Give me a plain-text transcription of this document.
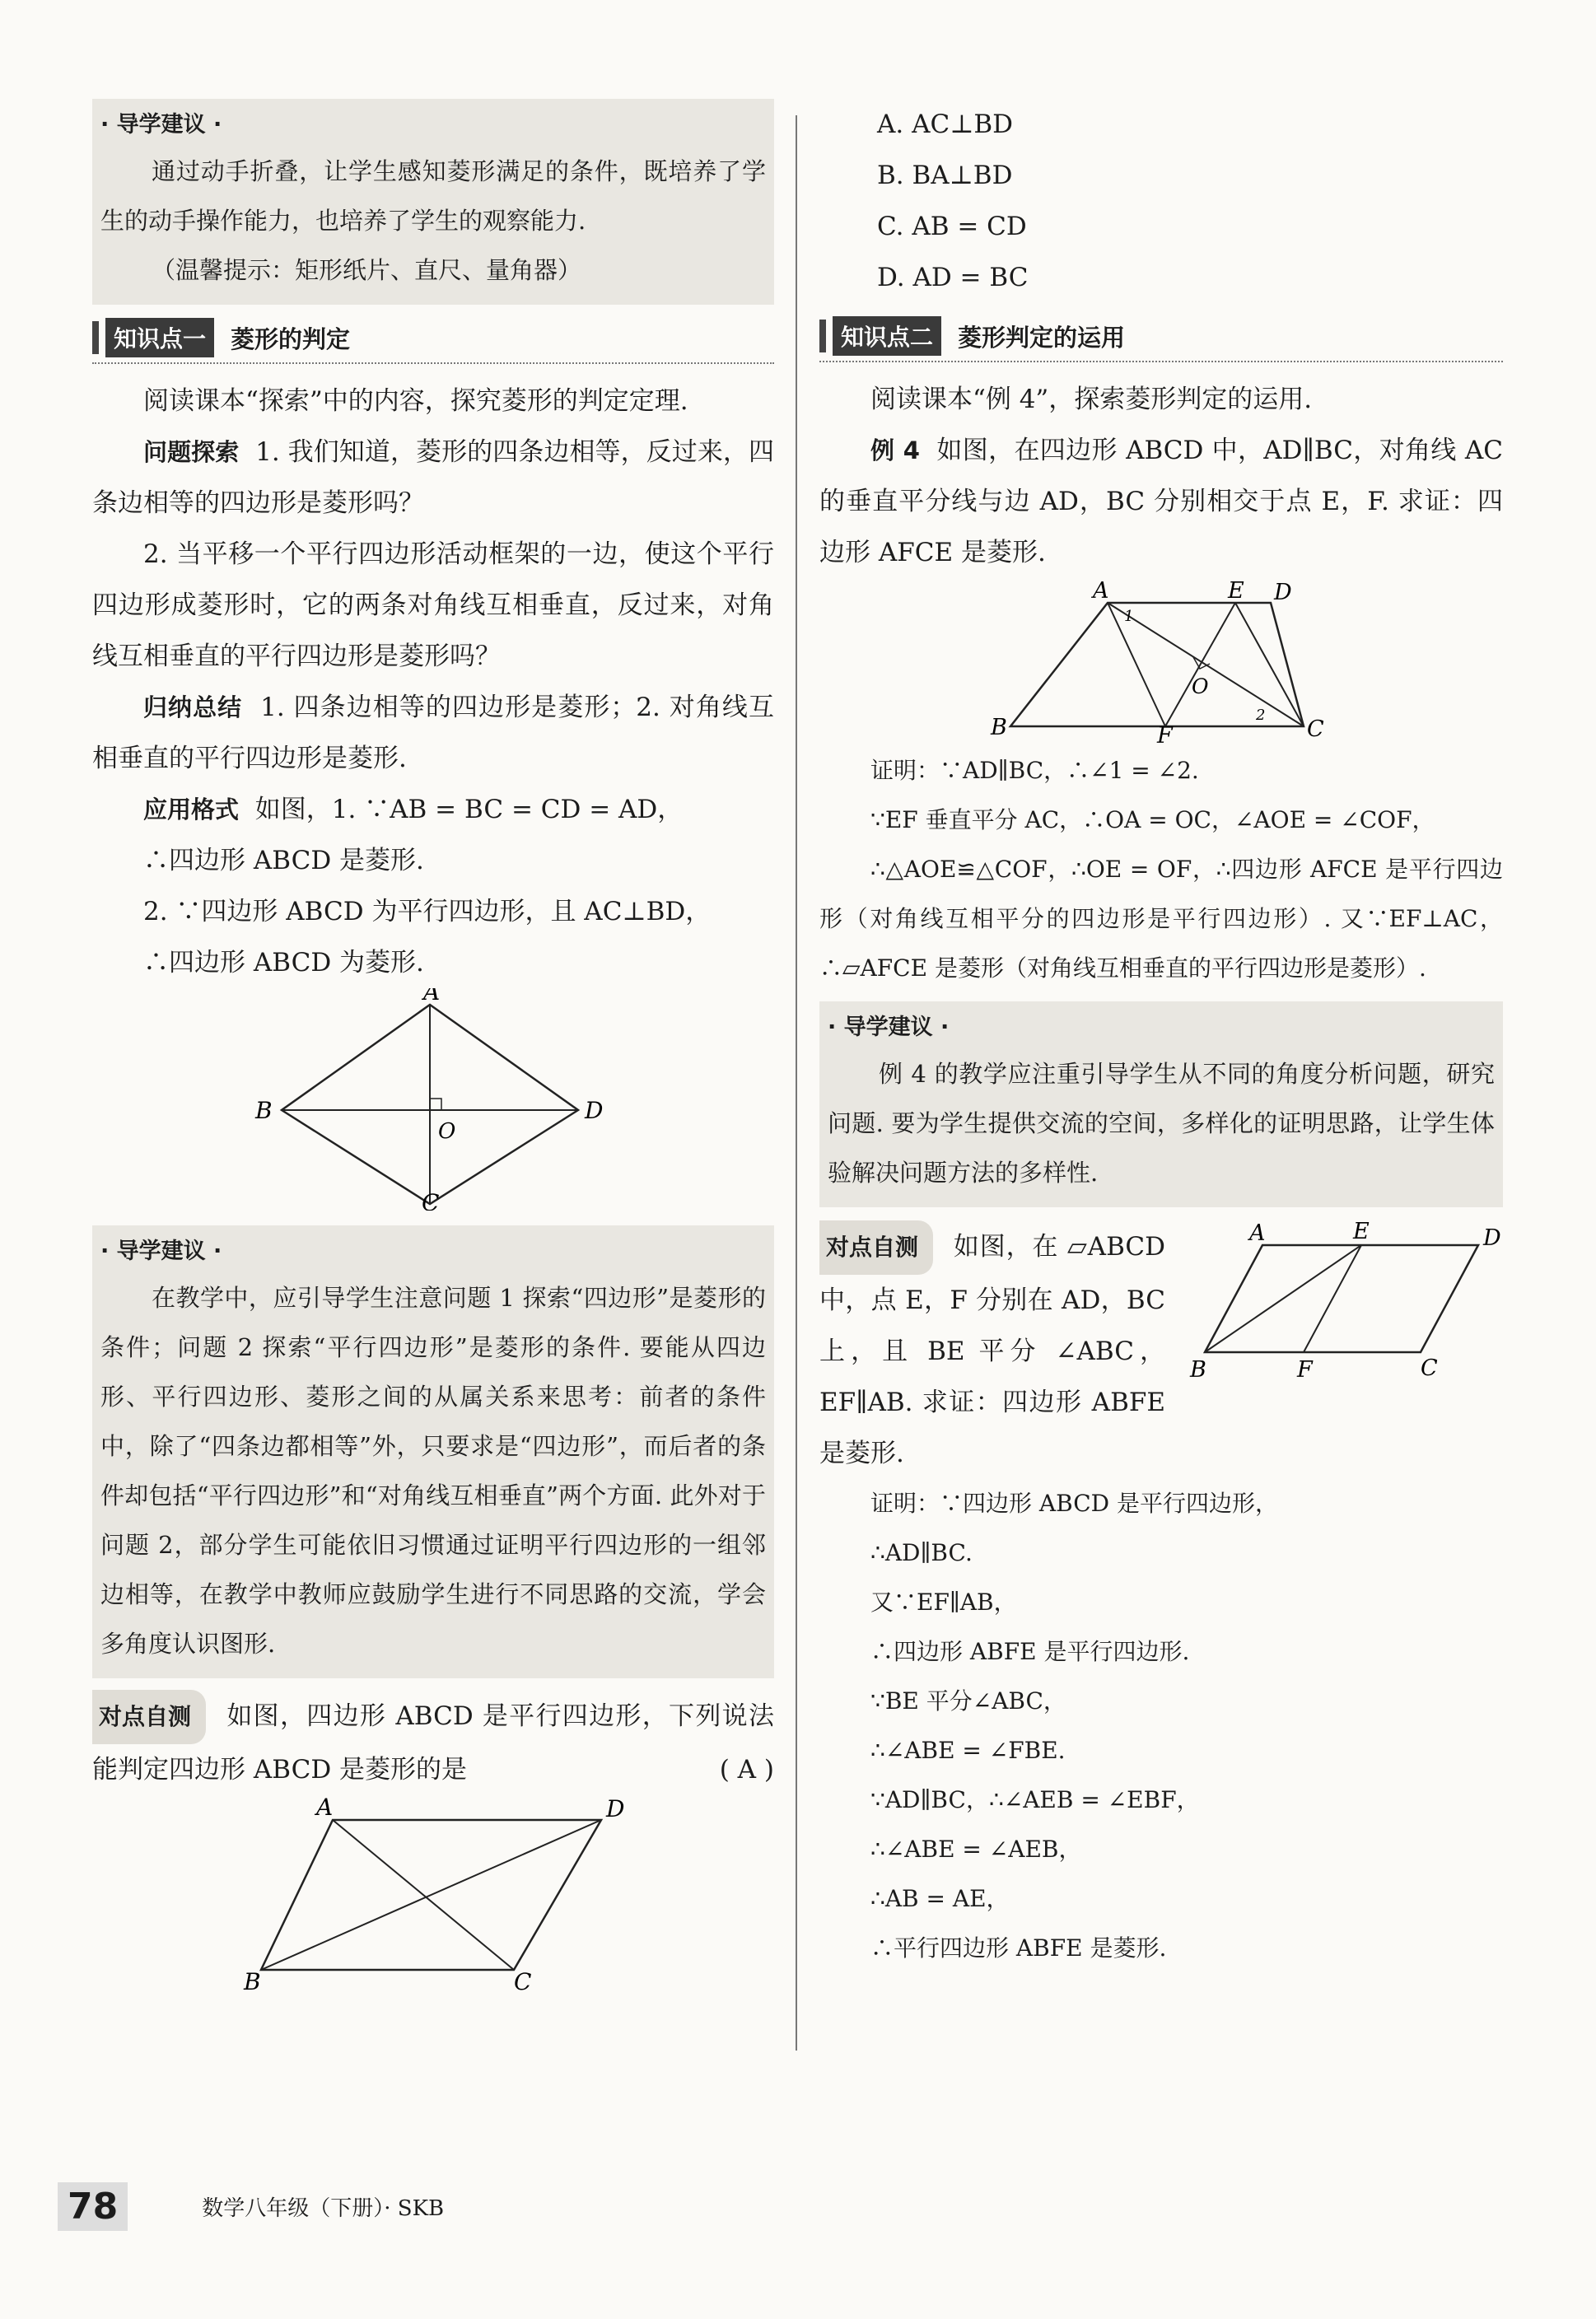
· 导学建议 ·

通过动手折叠，让学生感知菱形满足的条件，既培养了学生的动手操作能力，也培养了学生的观察能力.

（温馨提示：矩形纸片、直尺、量角器）

知识点一	菱形的判定

阅读课本“探索”中的内容，探究菱形的判定定理.

问题探索 1. 我们知道，菱形的四条边相等，反过来，四条边相等的四边形是菱形吗？

2. 当平移一个平行四边形活动框架的一边，使这个平行四边形成菱形时，它的两条对角线互相垂直，反过来，对角线互相垂直的平行四边形是菱形吗？

归纳总结 1. 四条边相等的四边形是菱形；2. 对角线互相垂直的平行四边形是菱形.

应用格式 如图，1. ∵AB = BC = CD = AD，

∴四边形 ABCD 是菱形.

2. ∵四边形 ABCD 为平行四边形，且 AC⊥BD，

∴四边形 ABCD 为菱形.

A
B	D
C
O
· 导学建议 ·

在教学中，应引导学生注意问题 1 探索“四边形”是菱形的条件；问题 2 探索“平行四边形”是菱形的条件. 要能从四边形、平行四边形、菱形之间的从属关系来思考：前者的条件中，除了“四条边都相等”外，只要求是“四边形”，而后者的条件却包括“平行四边形”和“对角线互相垂直”两个方面. 此外对于问题 2，部分学生可能依旧习惯通过证明平行四边形的一组邻边相等，在教学中教师应鼓励学生进行不同思路的交流，学会多角度认识图形.

对点自测 如图，四边形 ABCD 是平行四边形，下列说法能判定四边形 ABCD 是菱形的是	( A )

A	D
B	C

A. AC⊥BD

B. BA⊥BD

C. AB = CD

D. AD = BC

知识点二	菱形判定的运用

阅读课本“例 4”，探索菱形判定的运用.

例 4 如图，在四边形 ABCD 中，AD∥BC，对角线 AC 的垂直平分线与边 AD，BC 分别相交于点 E，F. 求证：四边形 AFCE 是菱形.

A	E D
B	F	C
O
1
2

证明：∵AD∥BC，∴∠1 = ∠2.

∵EF 垂直平分 AC，∴OA = OC，∠AOE = ∠COF，

∴△AOE≌△COF，∴OE = OF，∴四边形 AFCE 是平行四边形（对角线互相平分的四边形是平行四边形）. 又∵EF⊥AC，∴▱AFCE 是菱形（对角线互相垂直的平行四边形是菱形）.

· 导学建议 ·

例 4 的教学应注重引导学生从不同的角度分析问题，研究问题. 要为学生提供交流的空间，多样化的证明思路，让学生体验解决问题方法的多样性.

对点自测 如图，在 ▱ABCD 中，点 E，F 分别在 AD，BC 上，且 BE 平分 ∠ABC，EF∥AB. 求证：四边形 ABFE 是菱形.

A	E	D
B	F	C

证明：∵四边形 ABCD 是平行四边形，

∴AD∥BC.

又∵EF∥AB，

∴四边形 ABFE 是平行四边形.

∵BE 平分∠ABC，

∴∠ABE = ∠FBE.

∵AD∥BC，∴∠AEB = ∠EBF，

∴∠ABE = ∠AEB，

∴AB = AE，

∴平行四边形 ABFE 是菱形.

78	数学八年级（下册）· SKB
